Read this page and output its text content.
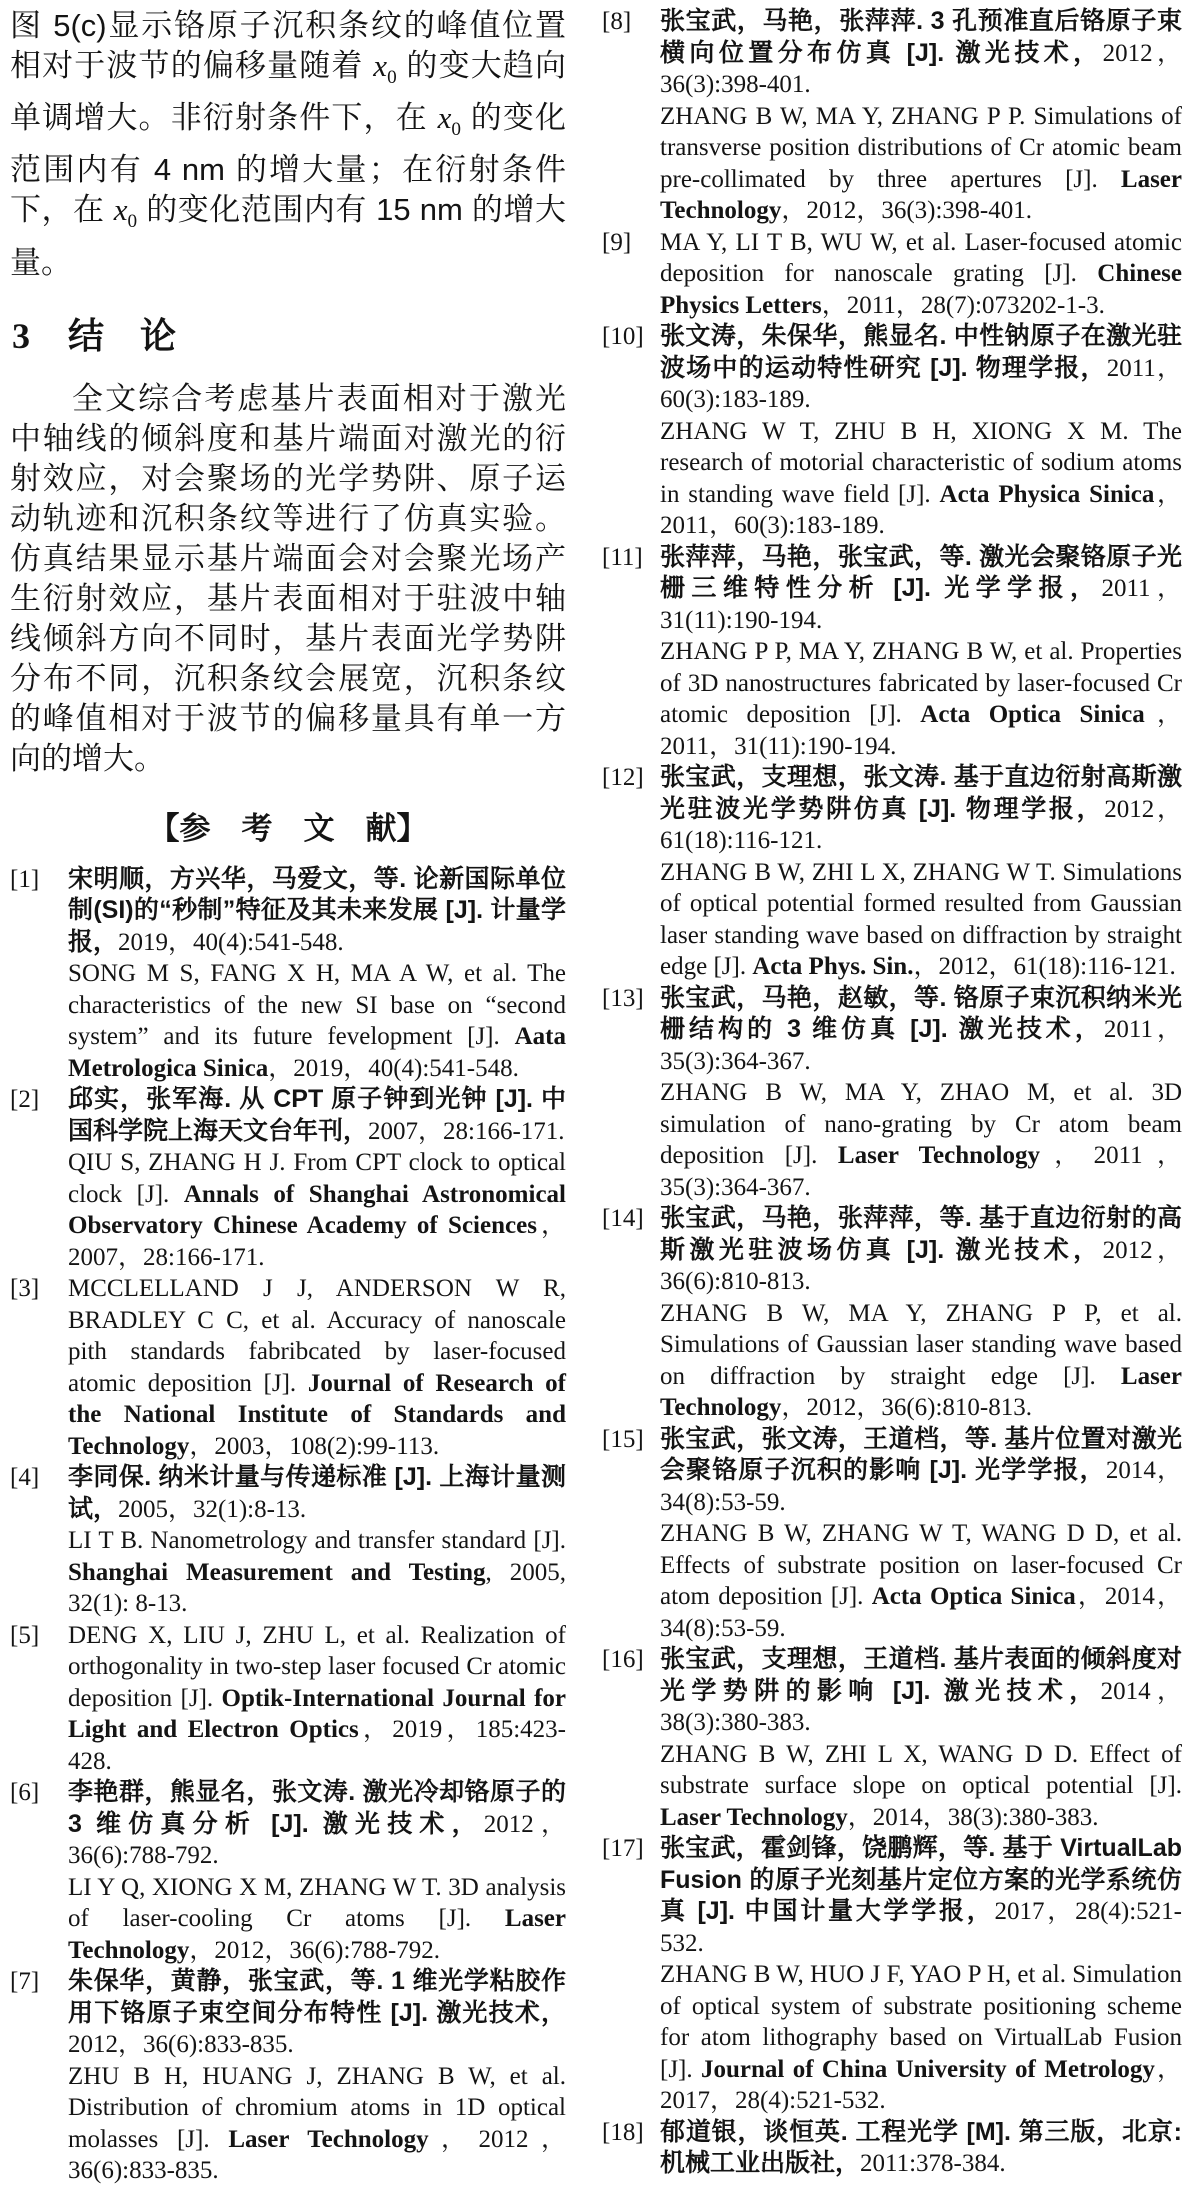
图 5(c)显示铬原子沉积条纹的峰值位置相对于波节的偏移量随着 $x_0$ 的变大趋向单调增大。非衍射条件下，在 $x_0$ 的变化范围内有 4 nm 的增大量；在衍射条件下，在 $x_0$ 的变化范围内有 15 nm 的增大量。

3 结　论

全文综合考虑基片表面相对于激光中轴线的倾斜度和基片端面对激光的衍射效应，对会聚场的光学势阱、原子运动轨迹和沉积条纹等进行了仿真实验。仿真结果显示基片端面会对会聚光场产生衍射效应，基片表面相对于驻波中轴线倾斜方向不同时，基片表面光学势阱分布不同，沉积条纹会展宽，沉积条纹的峰值相对于波节的偏移量具有单一方向的增大。

【参　考　文　献】
[1] 宋明顺，方兴华，马爱文，等. 论新国际单位制(SI)的“秒制”特征及其未来发展 [J]. 计量学报，2019，40(4):541-548.

SONG M S, FANG X H, MA A W, et al. The characteristics of the new SI base on “second system” and its future fevelopment [J]. Aata Metrologica Sinica，2019，40(4):541-548.

[2] 邱实，张军海. 从 CPT 原子钟到光钟 [J]. 中国科学院上海天文台年刊，2007，28:166-171.

QIU S, ZHANG H J. From CPT clock to optical clock [J]. Annals of Shanghai Astronomical Observatory Chinese Academy of Sciences，2007，28:166-171.

[3] MCCLELLAND J J, ANDERSON W R, BRADLEY C C, et al. Accuracy of nanoscale pith standards fabribcated by laser-focused atomic deposition [J]. Journal of Research of the National Institute of Standards and Technology，2003，108(2):99-113.

[4] 李同保. 纳米计量与传递标准 [J]. 上海计量测试，2005，32(1):8-13.

LI T B. Nanometrology and transfer standard [J]. Shanghai Measurement and Testing, 2005, 32(1): 8-13.

[5] DENG X, LIU J, ZHU L, et al. Realization of orthogonality in two-step laser focused Cr atomic deposition [J]. Optik-International Journal for Light and Electron Optics，2019，185:423-428.

[6] 李艳群，熊显名，张文涛. 激光冷却铬原子的 3 维仿真分析 [J]. 激光技术，2012，36(6):788-792.

LI Y Q, XIONG X M, ZHANG W T. 3D analysis of laser-cooling Cr atoms [J]. Laser Technology，2012，36(6):788-792.

[7] 朱保华，黄静，张宝武，等. 1 维光学粘胶作用下铬原子束空间分布特性 [J]. 激光技术，2012，36(6):833-835.

ZHU B H, HUANG J, ZHANG B W, et al. Distribution of chromium atoms in 1D optical molasses [J]. Laser Technology，2012，36(6):833-835.

[8] 张宝武，马艳，张萍萍. 3 孔预准直后铬原子束横向位置分布仿真 [J]. 激光技术，2012，36(3):398-401.

ZHANG B W, MA Y, ZHANG P P. Simulations of transverse position distributions of Cr atomic beam pre-collimated by three apertures [J]. Laser Technology，2012，36(3):398-401.

[9] MA Y, LI T B, WU W, et al. Laser-focused atomic deposition for nanoscale grating [J]. Chinese Physics Letters，2011，28(7):073202-1-3.

[10] 张文涛，朱保华，熊显名. 中性钠原子在激光驻波场中的运动特性研究 [J]. 物理学报，2011，60(3):183-189.

ZHANG W T, ZHU B H, XIONG X M. The research of motorial characteristic of sodium atoms in standing wave field [J]. Acta Physica Sinica，2011，60(3):183-189.

[11] 张萍萍，马艳，张宝武，等. 激光会聚铬原子光栅三维特性分析 [J]. 光学学报，2011，31(11):190-194.

ZHANG P P, MA Y, ZHANG B W, et al. Properties of 3D nanostructures fabricated by laser-focused Cr atomic deposition [J]. Acta Optica Sinica，2011，31(11):190-194.

[12] 张宝武，支理想，张文涛. 基于直边衍射高斯激光驻波光学势阱仿真 [J]. 物理学报，2012，61(18):116-121.

ZHANG B W, ZHI L X, ZHANG W T. Simulations of optical potential formed resulted from Gaussian laser standing wave based on diffraction by straight edge [J]. Acta Phys. Sin.，2012，61(18):116-121.

[13] 张宝武，马艳，赵敏，等. 铬原子束沉积纳米光栅结构的 3 维仿真 [J]. 激光技术，2011，35(3):364-367.

ZHANG B W, MA Y, ZHAO M, et al. 3D simulation of nano-grating by Cr atom beam deposition [J]. Laser Technology，2011，35(3):364-367.

[14] 张宝武，马艳，张萍萍，等. 基于直边衍射的高斯激光驻波场仿真 [J]. 激光技术，2012，36(6):810-813.

ZHANG B W, MA Y, ZHANG P P, et al. Simulations of Gaussian laser standing wave based on diffraction by straight edge [J]. Laser Technology，2012，36(6):810-813.

[15] 张宝武，张文涛，王道档，等. 基片位置对激光会聚铬原子沉积的影响 [J]. 光学学报，2014，34(8):53-59.

ZHANG B W, ZHANG W T, WANG D D, et al. Effects of substrate position on laser-focused Cr atom deposition [J]. Acta Optica Sinica，2014，34(8):53-59.

[16] 张宝武，支理想，王道档. 基片表面的倾斜度对光学势阱的影响 [J]. 激光技术，2014，38(3):380-383.

ZHANG B W, ZHI L X, WANG D D. Effect of substrate surface slope on optical potential [J]. Laser Technology，2014，38(3):380-383.

[17] 张宝武，霍剑锋，饶鹏辉，等. 基于 VirtualLab Fusion 的原子光刻基片定位方案的光学系统仿真 [J]. 中国计量大学学报，2017，28(4):521-532.

ZHANG B W, HUO J F, YAO P H, et al. Simulation of optical system of substrate positioning scheme for atom lithography based on VirtualLab Fusion [J]. Journal of China University of Metrology，2017，28(4):521-532.

[18] 郁道银，谈恒英. 工程光学 [M]. 第三版，北京:机械工业出版社，2011:378-384.
